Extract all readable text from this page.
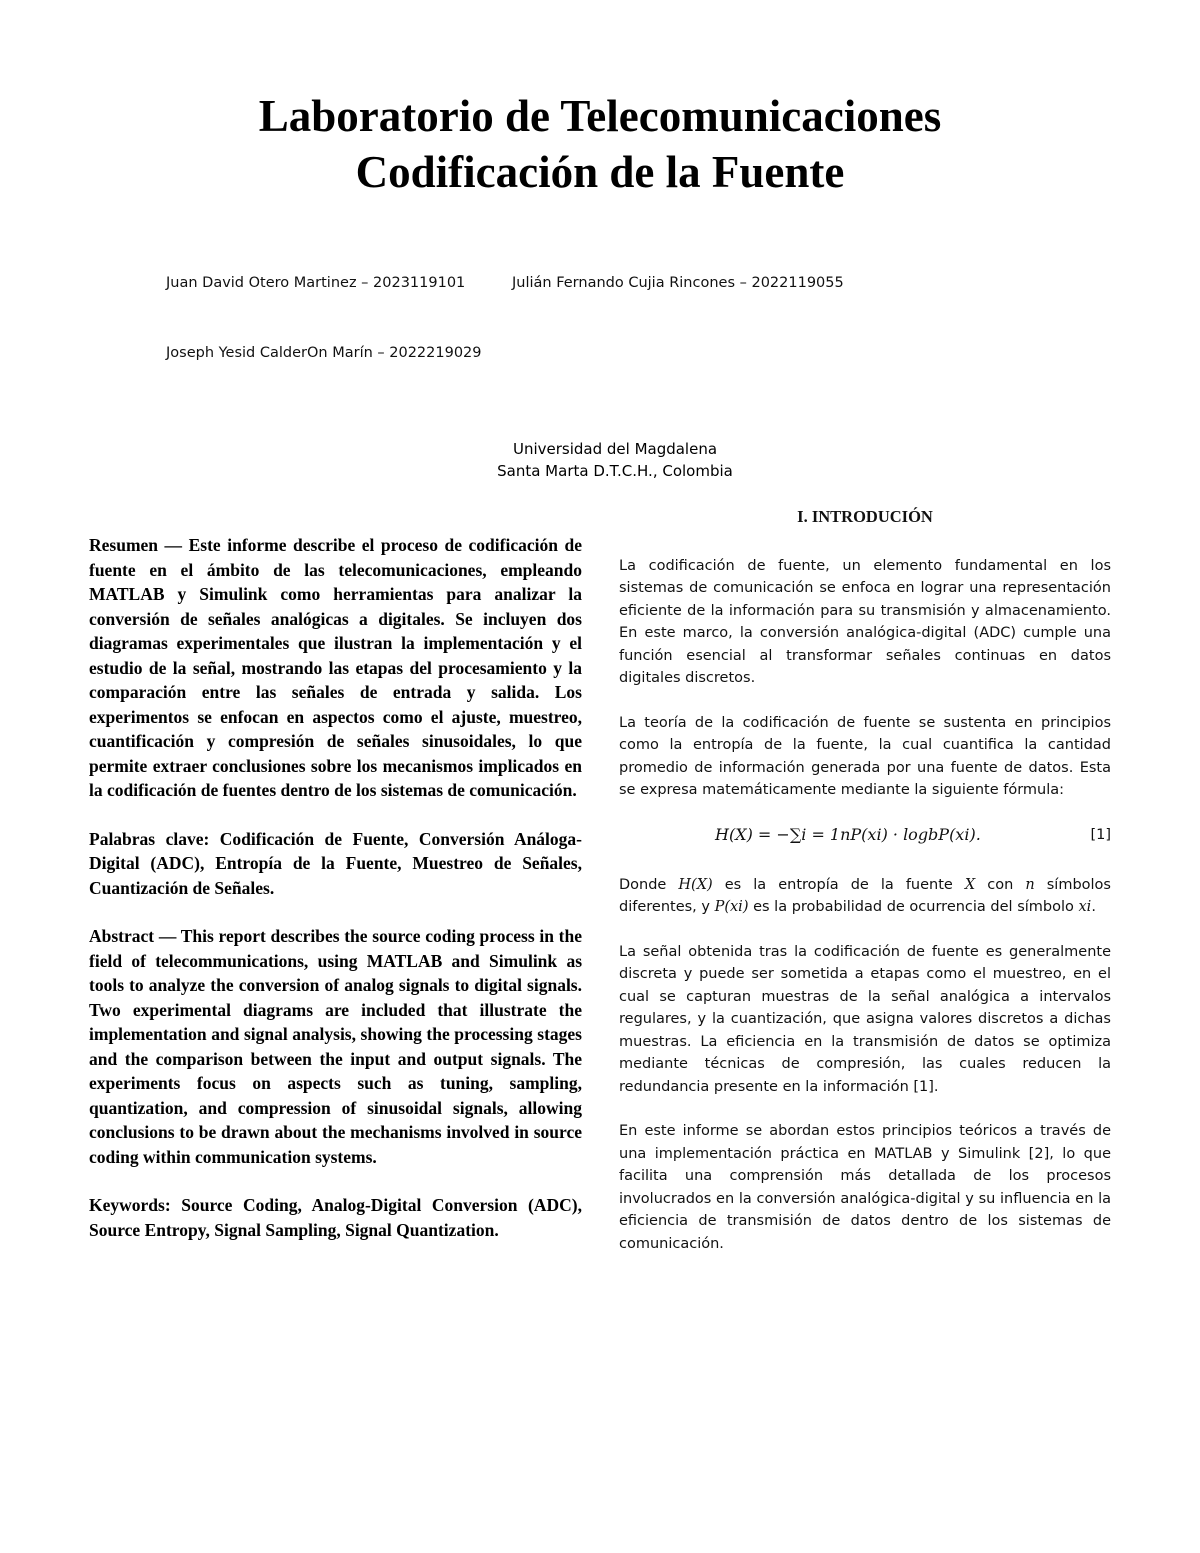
Laboratorio de Telecomunicaciones
Codificación de la Fuente
Juan David Otero Martinez – 2023119101	Julián Fernando Cujia Rincones – 2022119055
Joseph Yesid CalderOn Marín – 2022219029
Universidad del Magdalena
Santa Marta D.T.C.H., Colombia

Resumen — Este informe describe el proceso de codificación de fuente en el ámbito de las telecomunicaciones, empleando MATLAB y Simulink como herramientas para analizar la conversión de señales analógicas a digitales. Se incluyen dos diagramas experimentales que ilustran la implementación y el estudio de la señal, mostrando las etapas del procesamiento y la comparación entre las señales de entrada y salida. Los experimentos se enfocan en aspectos como el ajuste, muestreo, cuantificación y compresión de señales sinusoidales, lo que permite extraer conclusiones sobre los mecanismos implicados en la codificación de fuentes dentro de los sistemas de comunicación.

Palabras clave: Codificación de Fuente, Conversión Análoga-Digital (ADC), Entropía de la Fuente, Muestreo de Señales, Cuantización de Señales.

Abstract — This report describes the source coding process in the field of telecommunications, using MATLAB and Simulink as tools to analyze the conversion of analog signals to digital signals. Two experimental diagrams are included that illustrate the implementation and signal analysis, showing the processing stages and the comparison between the input and output signals. The experiments focus on aspects such as tuning, sampling, quantization, and compression of sinusoidal signals, allowing conclusions to be drawn about the mechanisms involved in source coding within communication systems.

Keywords: Source Coding, Analog-Digital Conversion (ADC), Source Entropy, Signal Sampling, Signal Quantization.

I. INTRODUCIÓN

La codificación de fuente, un elemento fundamental en los sistemas de comunicación se enfoca en lograr una representación eficiente de la información para su transmisión y almacenamiento. En este marco, la conversión analógica-digital (ADC) cumple una función esencial al transformar señales continuas en datos digitales discretos.

La teoría de la codificación de fuente se sustenta en principios como la entropía de la fuente, la cual cuantifica la cantidad promedio de información generada por una fuente de datos. Esta se expresa matemáticamente mediante la siguiente fórmula:

H(X) = −∑i = 1nP(xi) · logbP(xi).	[1]

Donde H(X) es la entropía de la fuente X con n símbolos diferentes, y P(xi) es la probabilidad de ocurrencia del símbolo xi.

La señal obtenida tras la codificación de fuente es generalmente discreta y puede ser sometida a etapas como el muestreo, en el cual se capturan muestras de la señal analógica a intervalos regulares, y la cuantización, que asigna valores discretos a dichas muestras. La eficiencia en la transmisión de datos se optimiza mediante técnicas de compresión, las cuales reducen la redundancia presente en la información [1].

En este informe se abordan estos principios teóricos a través de una implementación práctica en MATLAB y Simulink [2], lo que facilita una comprensión más detallada de los procesos involucrados en la conversión analógica-digital y su influencia en la eficiencia de transmisión de datos dentro de los sistemas de comunicación.
